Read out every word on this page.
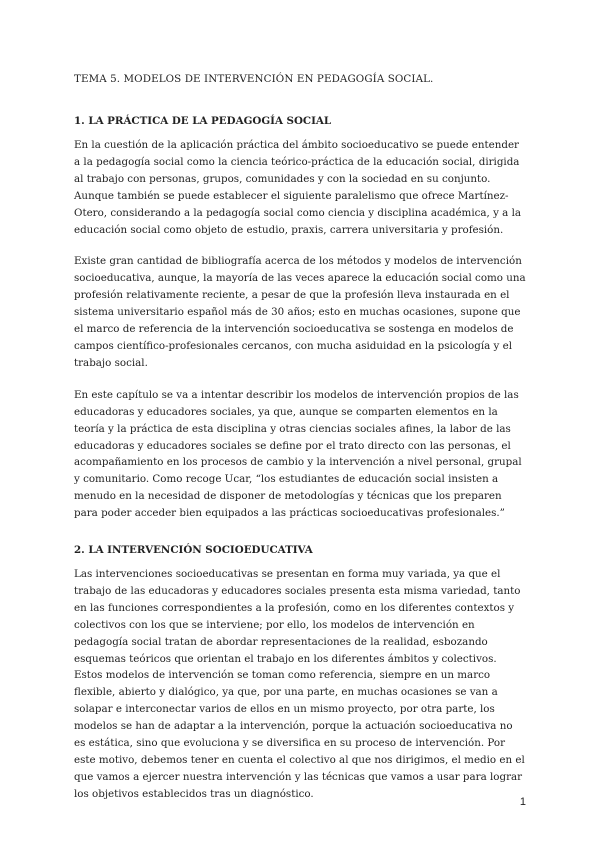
TEMA 5. MODELOS DE INTERVENCIÓN EN PEDAGOGÍA SOCIAL.
1. LA PRÁCTICA DE LA PEDAGOGÍA SOCIAL

En la cuestión de la aplicación práctica del ámbito socioeducativo se puede entender a la pedagogía social como la ciencia teórico-práctica de la educación social, dirigida al trabajo con personas, grupos, comunidades y con la sociedad en su conjunto. Aunque también se puede establecer el siguiente paralelismo que ofrece Martínez-Otero, considerando a la pedagogía social como ciencia y disciplina académica, y a la educación social como objeto de estudio, praxis, carrera universitaria y profesión.

Existe gran cantidad de bibliografía acerca de los métodos y modelos de intervención socioeducativa, aunque, la mayoría de las veces aparece la educación social como una profesión relativamente reciente, a pesar de que la profesión lleva instaurada en el sistema universitario español más de 30 años; esto en muchas ocasiones, supone que el marco de referencia de la intervención socioeducativa se sostenga en modelos de campos científico-profesionales cercanos, con mucha asiduidad en la psicología y el trabajo social.

En este capítulo se va a intentar describir los modelos de intervención propios de las educadoras y educadores sociales, ya que, aunque se comparten elementos en la teoría y la práctica de esta disciplina y otras ciencias sociales afines, la labor de las educadoras y educadores sociales se define por el trato directo con las personas, el acompañamiento en los procesos de cambio y la intervención a nivel personal, grupal y comunitario. Como recoge Ucar, “los estudiantes de educación social insisten a menudo en la necesidad de disponer de metodologías y técnicas que los preparen para poder acceder bien equipados a las prácticas socioeducativas profesionales.”

2. LA INTERVENCIÓN SOCIOEDUCATIVA

Las intervenciones socioeducativas se presentan en forma muy variada, ya que el trabajo de las educadoras y educadores sociales presenta esta misma variedad, tanto en las funciones correspondientes a la profesión, como en los diferentes contextos y colectivos con los que se interviene; por ello, los modelos de intervención en pedagogía social tratan de abordar representaciones de la realidad, esbozando esquemas teóricos que orientan el trabajo en los diferentes ámbitos y colectivos. Estos modelos de intervención se toman como referencia, siempre en un marco flexible, abierto y dialógico, ya que, por una parte, en muchas ocasiones se van a solapar e interconectar varios de ellos en un mismo proyecto, por otra parte, los modelos se han de adaptar a la intervención, porque la actuación socioeducativa no es estática, sino que evoluciona y se diversifica en su proceso de intervención. Por este motivo, debemos tener en cuenta el colectivo al que nos dirigimos, el medio en el que vamos a ejercer nuestra intervención y las técnicas que vamos a usar para lograr los objetivos establecidos tras un diagnóstico.

1
